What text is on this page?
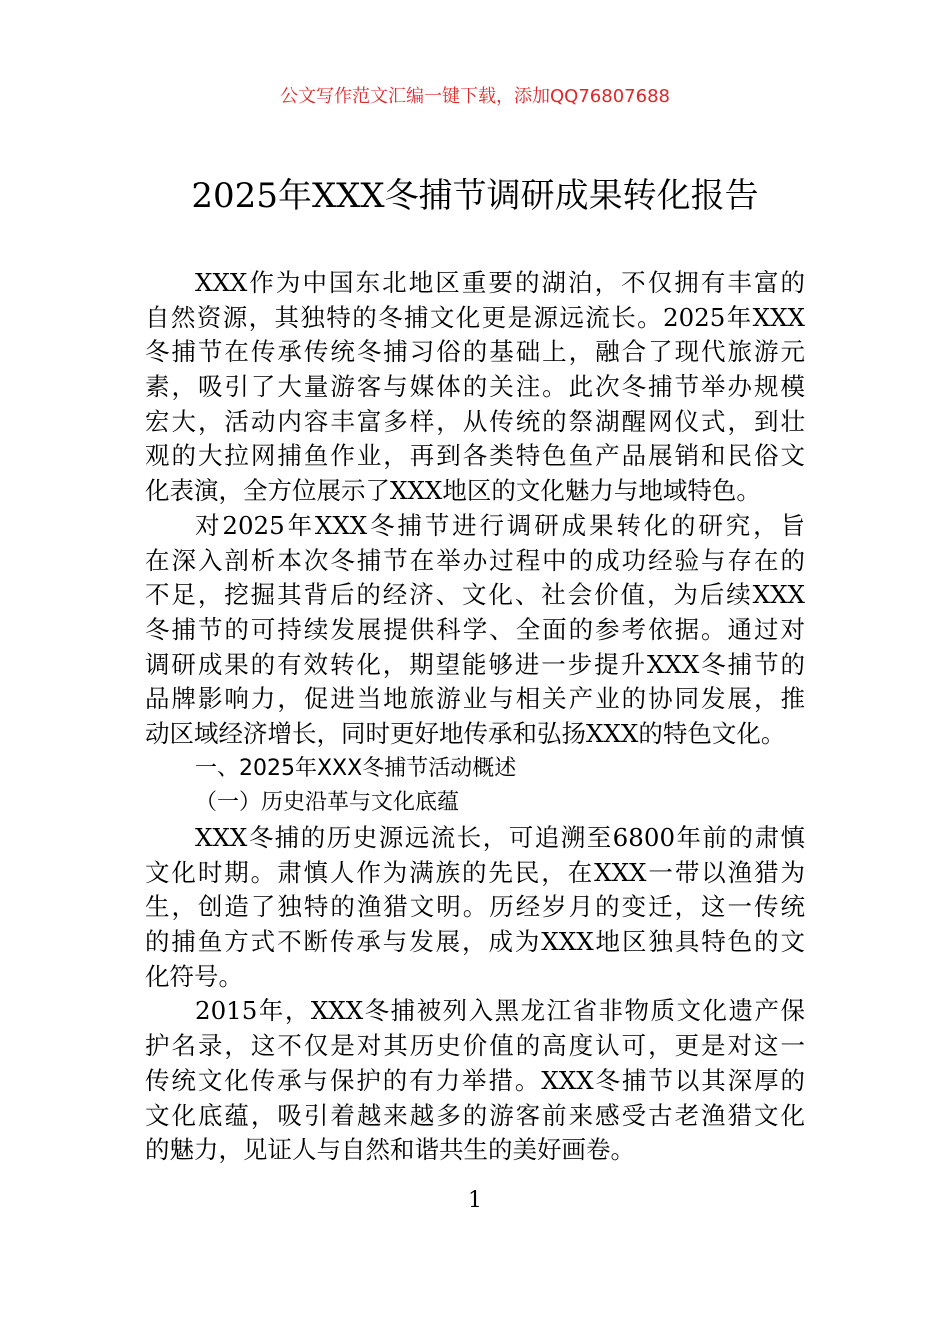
公文写作范文汇编一键下载，添加QQ76807688
2025年XXX冬捕节调研成果转化报告
XXX作为中国东北地区重要的湖泊，不仅拥有丰富的
自然资源，其独特的冬捕文化更是源远流长。2025年XXX
冬捕节在传承传统冬捕习俗的基础上，融合了现代旅游元
素，吸引了大量游客与媒体的关注。此次冬捕节举办规模
宏大，活动内容丰富多样，从传统的祭湖醒网仪式，到壮
观的大拉网捕鱼作业，再到各类特色鱼产品展销和民俗文
化表演，全方位展示了XXX地区的文化魅力与地域特色。
对2025年XXX冬捕节进行调研成果转化的研究，旨
在深入剖析本次冬捕节在举办过程中的成功经验与存在的
不足，挖掘其背后的经济、文化、社会价值，为后续XXX
冬捕节的可持续发展提供科学、全面的参考依据。通过对
调研成果的有效转化，期望能够进一步提升XXX冬捕节的
品牌影响力，促进当地旅游业与相关产业的协同发展，推
动区域经济增长，同时更好地传承和弘扬XXX的特色文化。
一、2025年XXX冬捕节活动概述
（一）历史沿革与文化底蕴
XXX冬捕的历史源远流长，可追溯至6800年前的肃慎
文化时期。肃慎人作为满族的先民，在XXX一带以渔猎为
生，创造了独特的渔猎文明。历经岁月的变迁，这一传统
的捕鱼方式不断传承与发展，成为XXX地区独具特色的文
化符号。
2015年，XXX冬捕被列入黑龙江省非物质文化遗产保
护名录，这不仅是对其历史价值的高度认可，更是对这一
传统文化传承与保护的有力举措。XXX冬捕节以其深厚的
文化底蕴，吸引着越来越多的游客前来感受古老渔猎文化
的魅力，见证人与自然和谐共生的美好画卷。
1
